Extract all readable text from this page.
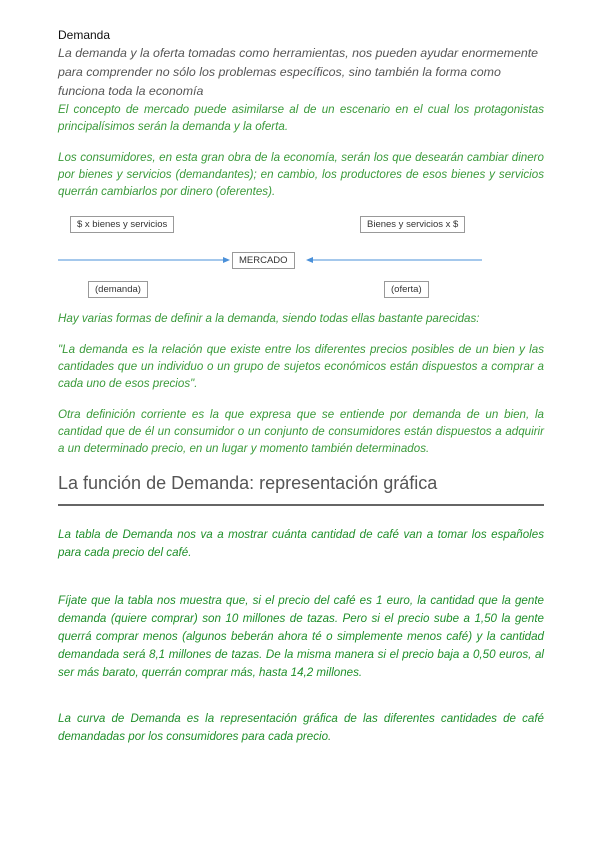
Demanda

La demanda y la oferta tomadas como herramientas, nos pueden ayudar enormemente para comprender no sólo los problemas específicos, sino también la forma como funciona toda la economía

El concepto de mercado puede asimilarse al de un escenario en el cual los protagonistas principalísimos serán la demanda y la oferta.

Los consumidores, en esta gran obra de la economía, serán los que desearán cambiar dinero por bienes y servicios (demandantes); en cambio, los productores de esos bienes y servicios querrán cambiarlos por dinero (oferentes).

$ x bienes y servicios	Bienes y servicios x $
MERCADO
(demanda)	(oferta)

Hay varias formas de definir a la demanda, siendo todas ellas bastante parecidas:

"La demanda es la relación que existe entre los diferentes precios posibles de un bien y las cantidades que un individuo o un grupo de sujetos económicos están dispuestos a comprar a cada uno de esos precios".

Otra definición corriente es la que expresa que se entiende por demanda de un bien, la cantidad que de él un consumidor o un conjunto de consumidores están dispuestos a adquirir a un determinado precio, en un lugar y momento también determinados.

La función de Demanda: representación gráfica

La tabla de Demanda nos va a mostrar cuánta cantidad de café van a tomar los españoles para cada precio del café.

Fíjate que la tabla nos muestra que, si el precio del café es 1 euro, la cantidad que la gente demanda (quiere comprar) son 10 millones de tazas. Pero si el precio sube a 1,50 la gente querrá comprar menos (algunos beberán ahora té o simplemente menos café) y la cantidad demandada será 8,1 millones de tazas. De la misma manera si el precio baja a 0,50 euros, al ser más barato, querrán comprar más, hasta 14,2 millones.

La curva de Demanda es la representación gráfica de las diferentes cantidades de café demandadas por los consumidores para cada precio.
